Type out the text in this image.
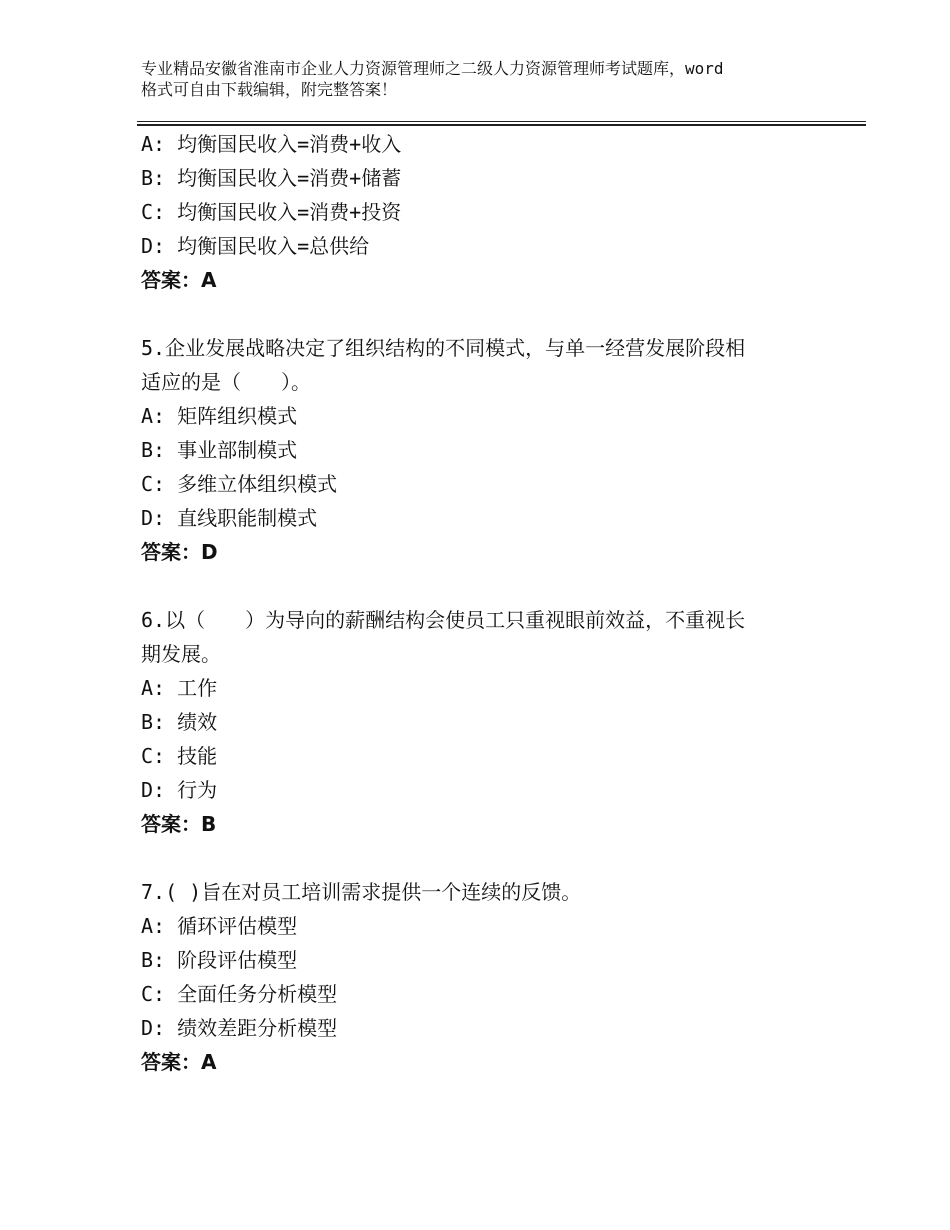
专业精品安徽省淮南市企业人力资源管理师之二级人力资源管理师考试题库，word
格式可自由下载编辑，附完整答案！
A: 均衡国民收入=消费+收入
B: 均衡国民收入=消费+储蓄
C: 均衡国民收入=消费+投资
D: 均衡国民收入=总供给
答案：A
5.企业发展战略决定了组织结构的不同模式，与单一经营发展阶段相
适应的是（　　）。
A: 矩阵组织模式
B: 事业部制模式
C: 多维立体组织模式
D: 直线职能制模式
答案：D
6.以（　　）为导向的薪酬结构会使员工只重视眼前效益，不重视长
期发展。
A: 工作
B: 绩效
C: 技能
D: 行为
答案：B
7.( )旨在对员工培训需求提供一个连续的反馈。
A: 循环评估模型
B: 阶段评估模型
C: 全面任务分析模型
D: 绩效差距分析模型
答案：A
